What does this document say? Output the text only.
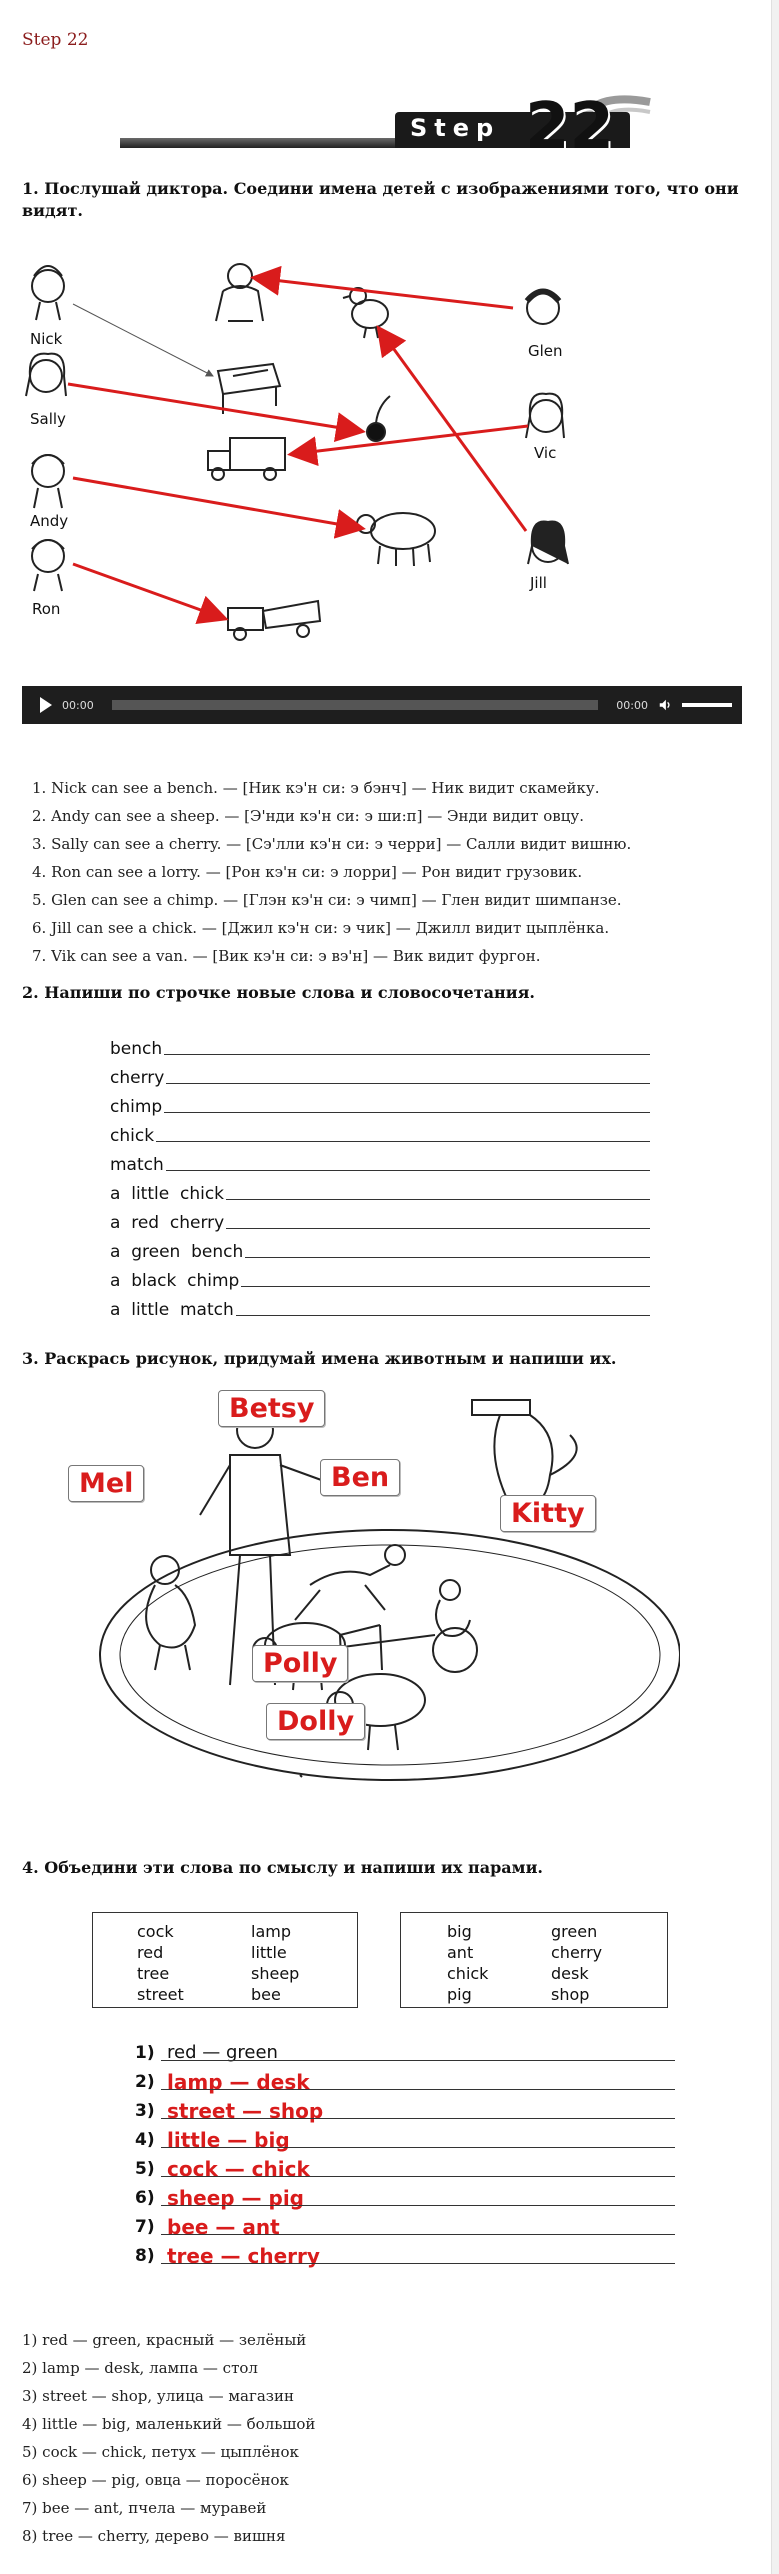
Step 22
Step 22
1. Послушай диктора. Соедини имена детей с изображениями того, что они видят.
Nick
Sally
Andy
Ron
Glen
Vic
Jill
00:00	00:00
1. Nick can see a bench. — [Ник кэ'н си: э бэнч] — Ник видит скамейку.
2. Andy can see a sheep. — [Э'нди кэ'н си: э ши:п] — Энди видит овцу.
3. Sally can see a cherry. — [Сэ'лли кэ'н си: э черри] — Салли видит вишню.
4. Ron can see a lorry. — [Рон кэ'н си: э лорри] — Рон видит грузовик.
5. Glen can see a chimp. — [Глэн кэ'н си: э чимп] — Глен видит шимпанзе.
6. Jill can see a chick. — [Джил кэ'н си: э чик] — Джилл видит цыплёнка.
7. Vik can see a van. — [Вик кэ'н си: э вэ'н] — Вик видит фургон.
2. Напиши по строчке новые слова и словосочетания.
bench
cherry
chimp
chick
match
a  little  chick
a  red  cherry
a  green  bench
a  black  chimp
a  little  match
3. Раскрась рисунок, придумай имена животным и напиши их.
Betsy
Mel	Ben
Kitty
Polly
Dolly
4. Объедини эти слова по смыслу и напиши их парами.
cock
red
tree
street
lamp
little
sheep
bee
big
ant
chick
pig
green
cherry
desk
shop
1) red — green
2) lamp — desk
3) street — shop
4) little — big
5) cock — chick
6) sheep — pig
7) bee — ant
8) tree — cherry
1) red — green, красный — зелёный
2) lamp — desk, лампа — стол
3) street — shop, улица — магазин
4) little — big, маленький — большой
5) cock — chick, петух — цыплёнок
6) sheep — pig, овца — поросёнок
7) bee — ant, пчела — муравей
8) tree — cherry, дерево — вишня
